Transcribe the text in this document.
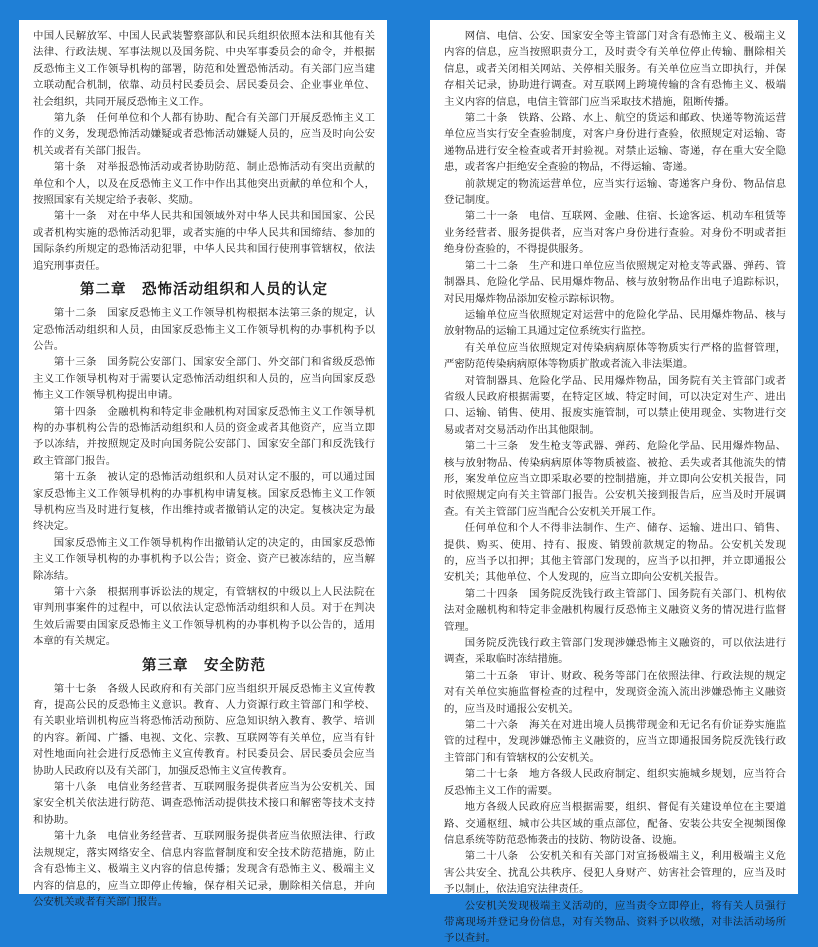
中国人民解放军、中国人民武装警察部队和民兵组织依照本法和其他有关法律、行政法规、军事法规以及国务院、中央军事委员会的命令，并根据反恐怖主义工作领导机构的部署，防范和处置恐怖活动。有关部门应当建立联动配合机制，依靠、动员村民委员会、居民委员会、企业事业单位、社会组织，共同开展反恐怖主义工作。

第九条　任何单位和个人都有协助、配合有关部门开展反恐怖主义工作的义务，发现恐怖活动嫌疑或者恐怖活动嫌疑人员的，应当及时向公安机关或者有关部门报告。

第十条　对举报恐怖活动或者协助防范、制止恐怖活动有突出贡献的单位和个人，以及在反恐怖主义工作中作出其他突出贡献的单位和个人，按照国家有关规定给予表彰、奖励。

第十一条　对在中华人民共和国领域外对中华人民共和国国家、公民或者机构实施的恐怖活动犯罪，或者实施的中华人民共和国缔结、参加的国际条约所规定的恐怖活动犯罪，中华人民共和国行使刑事管辖权，依法追究刑事责任。

第二章　恐怖活动组织和人员的认定

第十二条　国家反恐怖主义工作领导机构根据本法第三条的规定，认定恐怖活动组织和人员，由国家反恐怖主义工作领导机构的办事机构予以公告。

第十三条　国务院公安部门、国家安全部门、外交部门和省级反恐怖主义工作领导机构对于需要认定恐怖活动组织和人员的，应当向国家反恐怖主义工作领导机构提出申请。

第十四条　金融机构和特定非金融机构对国家反恐怖主义工作领导机构的办事机构公告的恐怖活动组织和人员的资金或者其他资产，应当立即予以冻结，并按照规定及时向国务院公安部门、国家安全部门和反洗钱行政主管部门报告。

第十五条　被认定的恐怖活动组织和人员对认定不服的，可以通过国家反恐怖主义工作领导机构的办事机构申请复核。国家反恐怖主义工作领导机构应当及时进行复核，作出维持或者撤销认定的决定。复核决定为最终决定。

国家反恐怖主义工作领导机构作出撤销认定的决定的，由国家反恐怖主义工作领导机构的办事机构予以公告；资金、资产已被冻结的，应当解除冻结。

第十六条　根据刑事诉讼法的规定，有管辖权的中级以上人民法院在审判刑事案件的过程中，可以依法认定恐怖活动组织和人员。对于在判决生效后需要由国家反恐怖主义工作领导机构的办事机构予以公告的，适用本章的有关规定。

第三章　安全防范

第十七条　各级人民政府和有关部门应当组织开展反恐怖主义宣传教育，提高公民的反恐怖主义意识。教育、人力资源行政主管部门和学校、有关职业培训机构应当将恐怖活动预防、应急知识纳入教育、教学、培训的内容。新闻、广播、电视、文化、宗教、互联网等有关单位，应当有针对性地面向社会进行反恐怖主义宣传教育。村民委员会、居民委员会应当协助人民政府以及有关部门，加强反恐怖主义宣传教育。

第十八条　电信业务经营者、互联网服务提供者应当为公安机关、国家安全机关依法进行防范、调查恐怖活动提供技术接口和解密等技术支持和协助。

第十九条　电信业务经营者、互联网服务提供者应当依照法律、行政法规规定，落实网络安全、信息内容监督制度和安全技术防范措施，防止含有恐怖主义、极端主义内容的信息传播；发现含有恐怖主义、极端主义内容的信息的，应当立即停止传输，保存相关记录，删除相关信息，并向公安机关或者有关部门报告。

网信、电信、公安、国家安全等主管部门对含有恐怖主义、极端主义内容的信息，应当按照职责分工，及时责令有关单位停止传输、删除相关信息，或者关闭相关网站、关停相关服务。有关单位应当立即执行，并保存相关记录，协助进行调查。对互联网上跨境传输的含有恐怖主义、极端主义内容的信息，电信主管部门应当采取技术措施，阻断传播。

第二十条　铁路、公路、水上、航空的货运和邮政、快递等物流运营单位应当实行安全查验制度，对客户身份进行查验，依照规定对运输、寄递物品进行安全检查或者开封验视。对禁止运输、寄递，存在重大安全隐患，或者客户拒绝安全查验的物品，不得运输、寄递。

前款规定的物流运营单位，应当实行运输、寄递客户身份、物品信息登记制度。

第二十一条　电信、互联网、金融、住宿、长途客运、机动车租赁等业务经营者、服务提供者，应当对客户身份进行查验。对身份不明或者拒绝身份查验的，不得提供服务。

第二十二条　生产和进口单位应当依照规定对枪支等武器、弹药、管制器具、危险化学品、民用爆炸物品、核与放射物品作出电子追踪标识，对民用爆炸物品添加安检示踪标识物。

运输单位应当依照规定对运营中的危险化学品、民用爆炸物品、核与放射物品的运输工具通过定位系统实行监控。

有关单位应当依照规定对传染病病原体等物质实行严格的监督管理，严密防范传染病病原体等物质扩散或者流入非法渠道。

对管制器具、危险化学品、民用爆炸物品，国务院有关主管部门或者省级人民政府根据需要，在特定区域、特定时间，可以决定对生产、进出口、运输、销售、使用、报废实施管制，可以禁止使用现金、实物进行交易或者对交易活动作出其他限制。

第二十三条　发生枪支等武器、弹药、危险化学品、民用爆炸物品、核与放射物品、传染病病原体等物质被盗、被抢、丢失或者其他流失的情形，案发单位应当立即采取必要的控制措施，并立即向公安机关报告，同时依照规定向有关主管部门报告。公安机关接到报告后，应当及时开展调查。有关主管部门应当配合公安机关开展工作。

任何单位和个人不得非法制作、生产、储存、运输、进出口、销售、提供、购买、使用、持有、报废、销毁前款规定的物品。公安机关发现的，应当予以扣押；其他主管部门发现的，应当予以扣押，并立即通报公安机关；其他单位、个人发现的，应当立即向公安机关报告。

第二十四条　国务院反洗钱行政主管部门、国务院有关部门、机构依法对金融机构和特定非金融机构履行反恐怖主义融资义务的情况进行监督管理。

国务院反洗钱行政主管部门发现涉嫌恐怖主义融资的，可以依法进行调查，采取临时冻结措施。

第二十五条　审计、财政、税务等部门在依照法律、行政法规的规定对有关单位实施监督检查的过程中，发现资金流入流出涉嫌恐怖主义融资的，应当及时通报公安机关。

第二十六条　海关在对进出境人员携带现金和无记名有价证券实施监管的过程中，发现涉嫌恐怖主义融资的，应当立即通报国务院反洗钱行政主管部门和有管辖权的公安机关。

第二十七条　地方各级人民政府制定、组织实施城乡规划，应当符合反恐怖主义工作的需要。

地方各级人民政府应当根据需要，组织、督促有关建设单位在主要道路、交通枢纽、城市公共区域的重点部位，配备、安装公共安全视频图像信息系统等防范恐怖袭击的技防、物防设备、设施。

第二十八条　公安机关和有关部门对宣扬极端主义，利用极端主义危害公共安全、扰乱公共秩序、侵犯人身财产、妨害社会管理的，应当及时予以制止，依法追究法律责任。

公安机关发现极端主义活动的，应当责令立即停止，将有关人员强行带离现场并登记身份信息，对有关物品、资料予以收缴，对非法活动场所予以查封。
